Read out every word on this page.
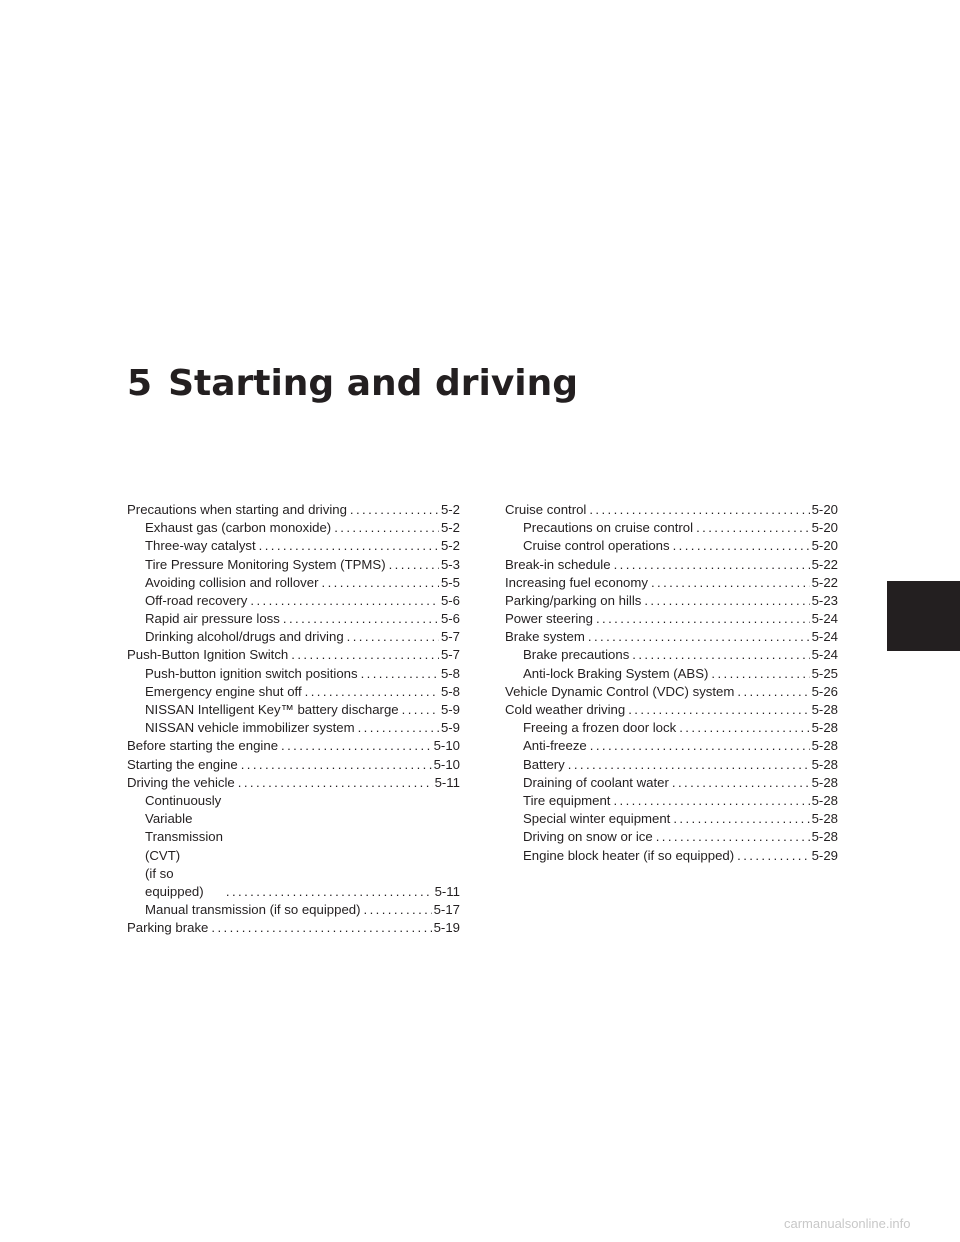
5 Starting and driving
Precautions when starting and driving .....	5-2
Exhaust gas (carbon monoxide) .....	5-2
Three-way catalyst .....	5-2
Tire Pressure Monitoring System (TPMS) .....	5-3
Avoiding collision and rollover .....	5-5
Off-road recovery .....	5-6
Rapid air pressure loss .....	5-6
Drinking alcohol/drugs and driving .....	5-7
Push-Button Ignition Switch .....	5-7
Push-button ignition switch positions .....	5-8
Emergency engine shut off .....	5-8
NISSAN Intelligent Key™ battery discharge .....	5-9
NISSAN vehicle immobilizer system .....	5-9
Before starting the engine .....	5-10
Starting the engine .....	5-10
Driving the vehicle .....	5-11
Continuously Variable Transmission (CVT)
(if so equipped) .....	5-11
Manual transmission (if so equipped) .....	5-17
Parking brake .....	5-19
Cruise control .....	5-20
Precautions on cruise control .....	5-20
Cruise control operations .....	5-20
Break-in schedule .....	5-22
Increasing fuel economy .....	5-22
Parking/parking on hills .....	5-23
Power steering .....	5-24
Brake system .....	5-24
Brake precautions .....	5-24
Anti-lock Braking System (ABS) .....	5-25
Vehicle Dynamic Control (VDC) system .....	5-26
Cold weather driving .....	5-28
Freeing a frozen door lock .....	5-28
Anti-freeze .....	5-28
Battery .....	5-28
Draining of coolant water .....	5-28
Tire equipment .....	5-28
Special winter equipment .....	5-28
Driving on snow or ice .....	5-28
Engine block heater (if so equipped) .....	5-29
carmanualsonline.info
